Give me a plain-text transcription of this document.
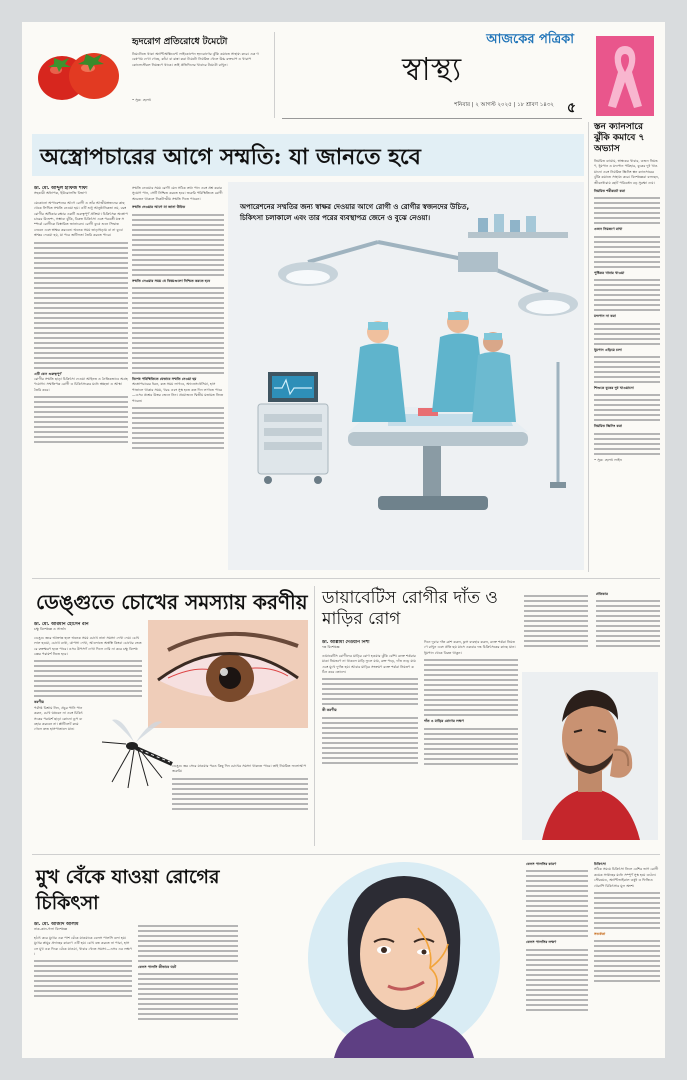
হৃদরোগ প্রতিরোধে টমেটো
টমেটোতে থাকা অ্যান্টিঅক্সিডেন্ট লাইকোপেন হৃদরোগের ঝুঁকি কমাতে সাহায্য করে। এক গবেষণায় দেখা গেছে, কাঁচা বা রান্না করা টমেটো নিয়মিত খেলে উচ্চ রক্তচাপ ও খারাপ কোলেস্টেরল নিয়ন্ত্রণে থাকে। তাই প্রতিদিনের খাবারে টমেটো রাখুন।
• সূত্র: হেলথ
আজকের পত্রিকা
স্বাস্থ্য
শনিবার | ২ আগস্ট ২০২৫ | ১৮ শ্রাবণ ১৪৩২ ৫
স্তন ক্যানসারে ঝুঁকি কমাবে ৭ অভ্যাস
নিয়মিত ব্যায়াম, স্বাস্থ্যকর খাবার, ওজন নিয়ন্ত্রণ, ধূমপান ও মদ্যপান পরিহার, বুকের দুধ খাওয়ানো এবং নিয়মিত স্ক্রিনিং স্তন ক্যানসারের ঝুঁকি কমাতে সাহায্য করে। বিশেষজ্ঞরা বলছেন, জীবনধারায় ছোট পরিবর্তন বড় সুরক্ষা দেয়।
নিয়মিত শরীরচর্চা করা
ওজন নিয়ন্ত্রণে রাখা
পুষ্টিকর খাবার খাওয়া
মদ্যপান না করা
ধূমপান এড়িয়ে চলা
শিশুকে বুকের দুধ খাওয়ানো
নিয়মিত স্ক্রিনিং করা
• সূত্র: হেলথ লাইন
অস্ত্রোপচারের আগে সম্মতি: যা জানতে হবে
অপারেশনের সম্মতির জন্য স্বাক্ষর দেওয়ার আগে রোগী ও রোগীর স্বজনদের উচিত, চিকিৎসা চলাকালে এবং তার পরের ব্যবস্থাপত্র জেনে ও বুঝে নেওয়া।
ডা. মো. আব্দুল হাফিজ শাফী
সহকারী অধ্যাপক, ইউরোলজি বিভাগ
যেকোনো অপারেশনের আগে রোগী ও তাঁর আত্মীয়স্বজনের কাছ থেকে লিখিত সম্মতি নেওয়া হয়। এটি শুধু আনুষ্ঠানিকতা নয়, বরং রোগীর অধিকার রক্ষার একটি গুরুত্বপূর্ণ প্রক্রিয়া। চিকিৎসক অস্ত্রোপচারের উদ্দেশ্য, সম্ভাব্য ঝুঁকি, বিকল্প চিকিৎসা এবং পরবর্তী যত্ন সম্পর্কে রোগীকে বিস্তারিত জানাবেন। রোগী বুঝে শুনে সিদ্ধান্ত নেবেন এবং স্বাক্ষর করবেন। অনেক সময় তাড়াহুড়ায় বা না বুঝে স্বাক্ষর দেওয়া হয়, যা পরে জটিলতা তৈরি করতে পারে।
এটি কেন গুরুত্বপূর্ণ
রোগীর সম্মতি ছাড়া চিকিৎসা দেওয়া আইনত ও নৈতিকভাবে অগ্রহণযোগ্য। সম্মতিপত্র রোগী ও চিকিৎসকের মধ্যে স্বচ্ছতা ও আস্থা তৈরি করে।
সম্মতি নেওয়ার সময় রোগী যেন সঠিক তথ্য পান এবং প্রশ্ন করার সুযোগ পান, সেটি নিশ্চিত করতে হবে। জরুরি পরিস্থিতিতে রোগী অচেতন থাকলে নিকটাত্মীয় সম্মতি দিতে পারেন।
সম্মতি দেওয়ার আগে যা জানা উচিত
সম্মতি নেওয়ার সময় যে বিষয়গুলো নিশ্চিত করতে হবে
বিশেষ পরিস্থিতিতে যেভাবে সম্মতি নেওয়া হয়
অস্ত্রোপচারের ধরন, কত সময় লাগবে, অ্যানেসথেসিয়া, হাসপাতালে থাকার সময়, খরচ এবং সুস্থ হতে কত দিন লাগতে পারে—এসব প্রশ্নের উত্তর জেনে নিন। প্রয়োজনে দ্বিতীয় মতামত নিতে পারেন।
ডেঙ্গুতে চোখের সমস্যায় করণীয়
ডা. মো. আরমান হোসেন রনি
চক্ষু বিশেষজ্ঞ ও সার্জন
ডেঙ্গু জ্বরে আক্রান্ত হলে অনেক সময় চোখে নানা সমস্যা দেখা দেয়। চোখ লাল হওয়া, চোখে ব্যথা, ঝাপসা দেখা, আলোতে অস্বস্তি কিংবা চোখের ভেতরে রক্তক্ষরণ হতে পারে। এসব উপসর্গ দেখা দিলে দেরি না করে চক্ষু বিশেষজ্ঞের পরামর্শ নিতে হবে।
করণীয়
পর্যাপ্ত বিশ্রাম নিন, প্রচুর পানি পান করুন, চোখ ঘষবেন না এবং চিকিৎসকের পরামর্শ ছাড়া কোনো ড্রপ ব্যবহার করবেন না। প্লাটিলেট কমে গেলে দ্রুত হাসপাতালে যান।
ডেঙ্গু জ্বর সেরে যাওয়ার পরও কিছু দিন চোখের সমস্যা থাকতে পারে। তাই নিয়মিত ফলোআপ জরুরি।
ডায়াবেটিস রোগীর দাঁত ও মাড়ির রোগ
ডা. আল্লামা দেওয়ান নিশী
দন্ত বিশেষজ্ঞ
ডায়াবেটিস রোগীদের মাড়ির রোগ হওয়ার ঝুঁকি বেশি। রক্তে শর্করার মাত্রা নিয়ন্ত্রণে না থাকলে মাড়ি ফুলে যায়, রক্ত পড়ে, দাঁত নড়ে যায় এবং মুখে দুর্গন্ধ হয়। আবার মাড়ির সংক্রমণ রক্তে শর্করা নিয়ন্ত্রণ কঠিন করে তোলে।
কী করণীয়
দিনে দুবার দাঁত ব্রাশ করুন, ফ্লস ব্যবহার করুন, রক্তে শর্করা নিয়ন্ত্রণে রাখুন এবং প্রতি ছয় মাসে একবার দন্ত চিকিৎসকের কাছে যান। ধূমপান থেকে বিরত থাকুন।
দাঁত ও মাড়ির রোগের লক্ষণ
প্রতিকার
মুখ বেঁকে যাওয়া রোগের চিকিৎসা
ডা. মো. আজাদ আলীম
নাক-কান-গলা বিশেষজ্ঞ
হঠাৎ করে মুখের এক পাশ বেঁকে যাওয়াকে বেলস পালসি বলা হয়। মুখের স্নায়ুর প্রদাহের কারণে এটি হয়। চোখ বন্ধ করতে না পারা, হাসলে মুখ এক দিকে বেঁকে যাওয়া, খাবার খেতে সমস্যা—এসব এর লক্ষণ।
বেলস পালসি কীভাবে ঘটে
বেলস পালসির কারণ
বেলস পালসির লক্ষণ
চিকিৎসা
সঠিক সময়ে চিকিৎসা নিলে বেশির ভাগ রোগী কয়েক সপ্তাহের মধ্যে সম্পূর্ণ সুস্থ হয়ে ওঠেন। স্টেরয়েড, অ্যান্টিভাইরাল ওষুধ ও ফিজিওথেরাপি চিকিৎসার মূল অংশ।
সতর্কতা
